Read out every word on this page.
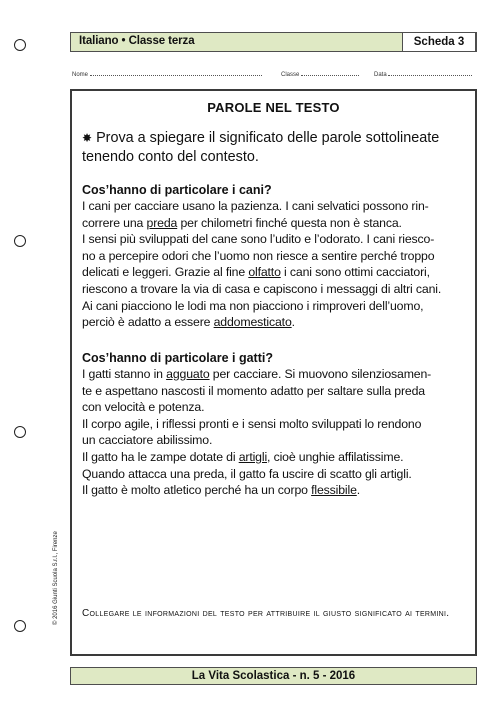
Italiano • Classe terza	Scheda 3
Nome	Classe	Data
PAROLE NEL TESTO
✸ Prova a spiegare il significato delle parole sottolineate tenendo conto del contesto.
Cos’hanno di particolare i cani?

I cani per cacciare usano la pazienza. I cani selvatici possono rin-
correre una preda per chilometri finché questa non è stanca.
I sensi più sviluppati del cane sono l’udito e l’odorato. I cani riesco-
no a percepire odori che l’uomo non riesce a sentire perché troppo
delicati e leggeri. Grazie al fine olfatto i cani sono ottimi cacciatori,
riescono a trovare la via di casa e capiscono i messaggi di altri cani.
Ai cani piacciono le lodi ma non piacciono i rimproveri dell’uomo,
perciò è adatto a essere addomesticato.

Cos’hanno di particolare i gatti?

I gatti stanno in agguato per cacciare. Si muovono silenziosamen-
te e aspettano nascosti il momento adatto per saltare sulla preda
con velocità e potenza.
Il corpo agile, i riflessi pronti e i sensi molto sviluppati lo rendono
un cacciatore abilissimo.
Il gatto ha le zampe dotate di artigli, cioè unghie affilatissime.
Quando attacca una preda, il gatto fa uscire di scatto gli artigli.
Il gatto è molto atletico perché ha un corpo flessibile.

Collegare le informazioni del testo per attribuire il giusto significato ai termini.
© 2016 Giunti Scuola S.r.l., Firenze
La Vita Scolastica - n. 5 - 2016
